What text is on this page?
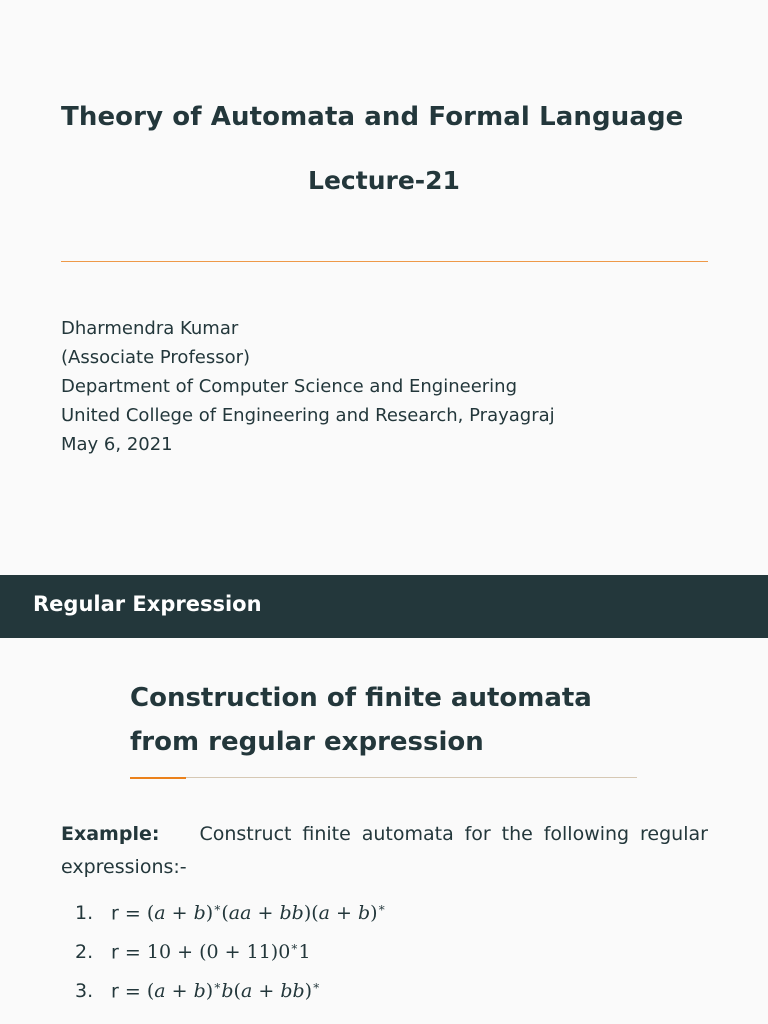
Theory of Automata and Formal Language
Lecture-21
Dharmendra Kumar
(Associate Professor)
Department of Computer Science and Engineering
United College of Engineering and Research, Prayagraj
May 6, 2021
Regular Expression
Construction of finite automata
from regular expression
Example: Construct finite automata for the following regular
expressions:-
1. r = (a + b)∗(aa + bb)(a + b)∗
2. r = 10 + (0 + 11)0∗1
3. r = (a + b)∗b(a + bb)∗
